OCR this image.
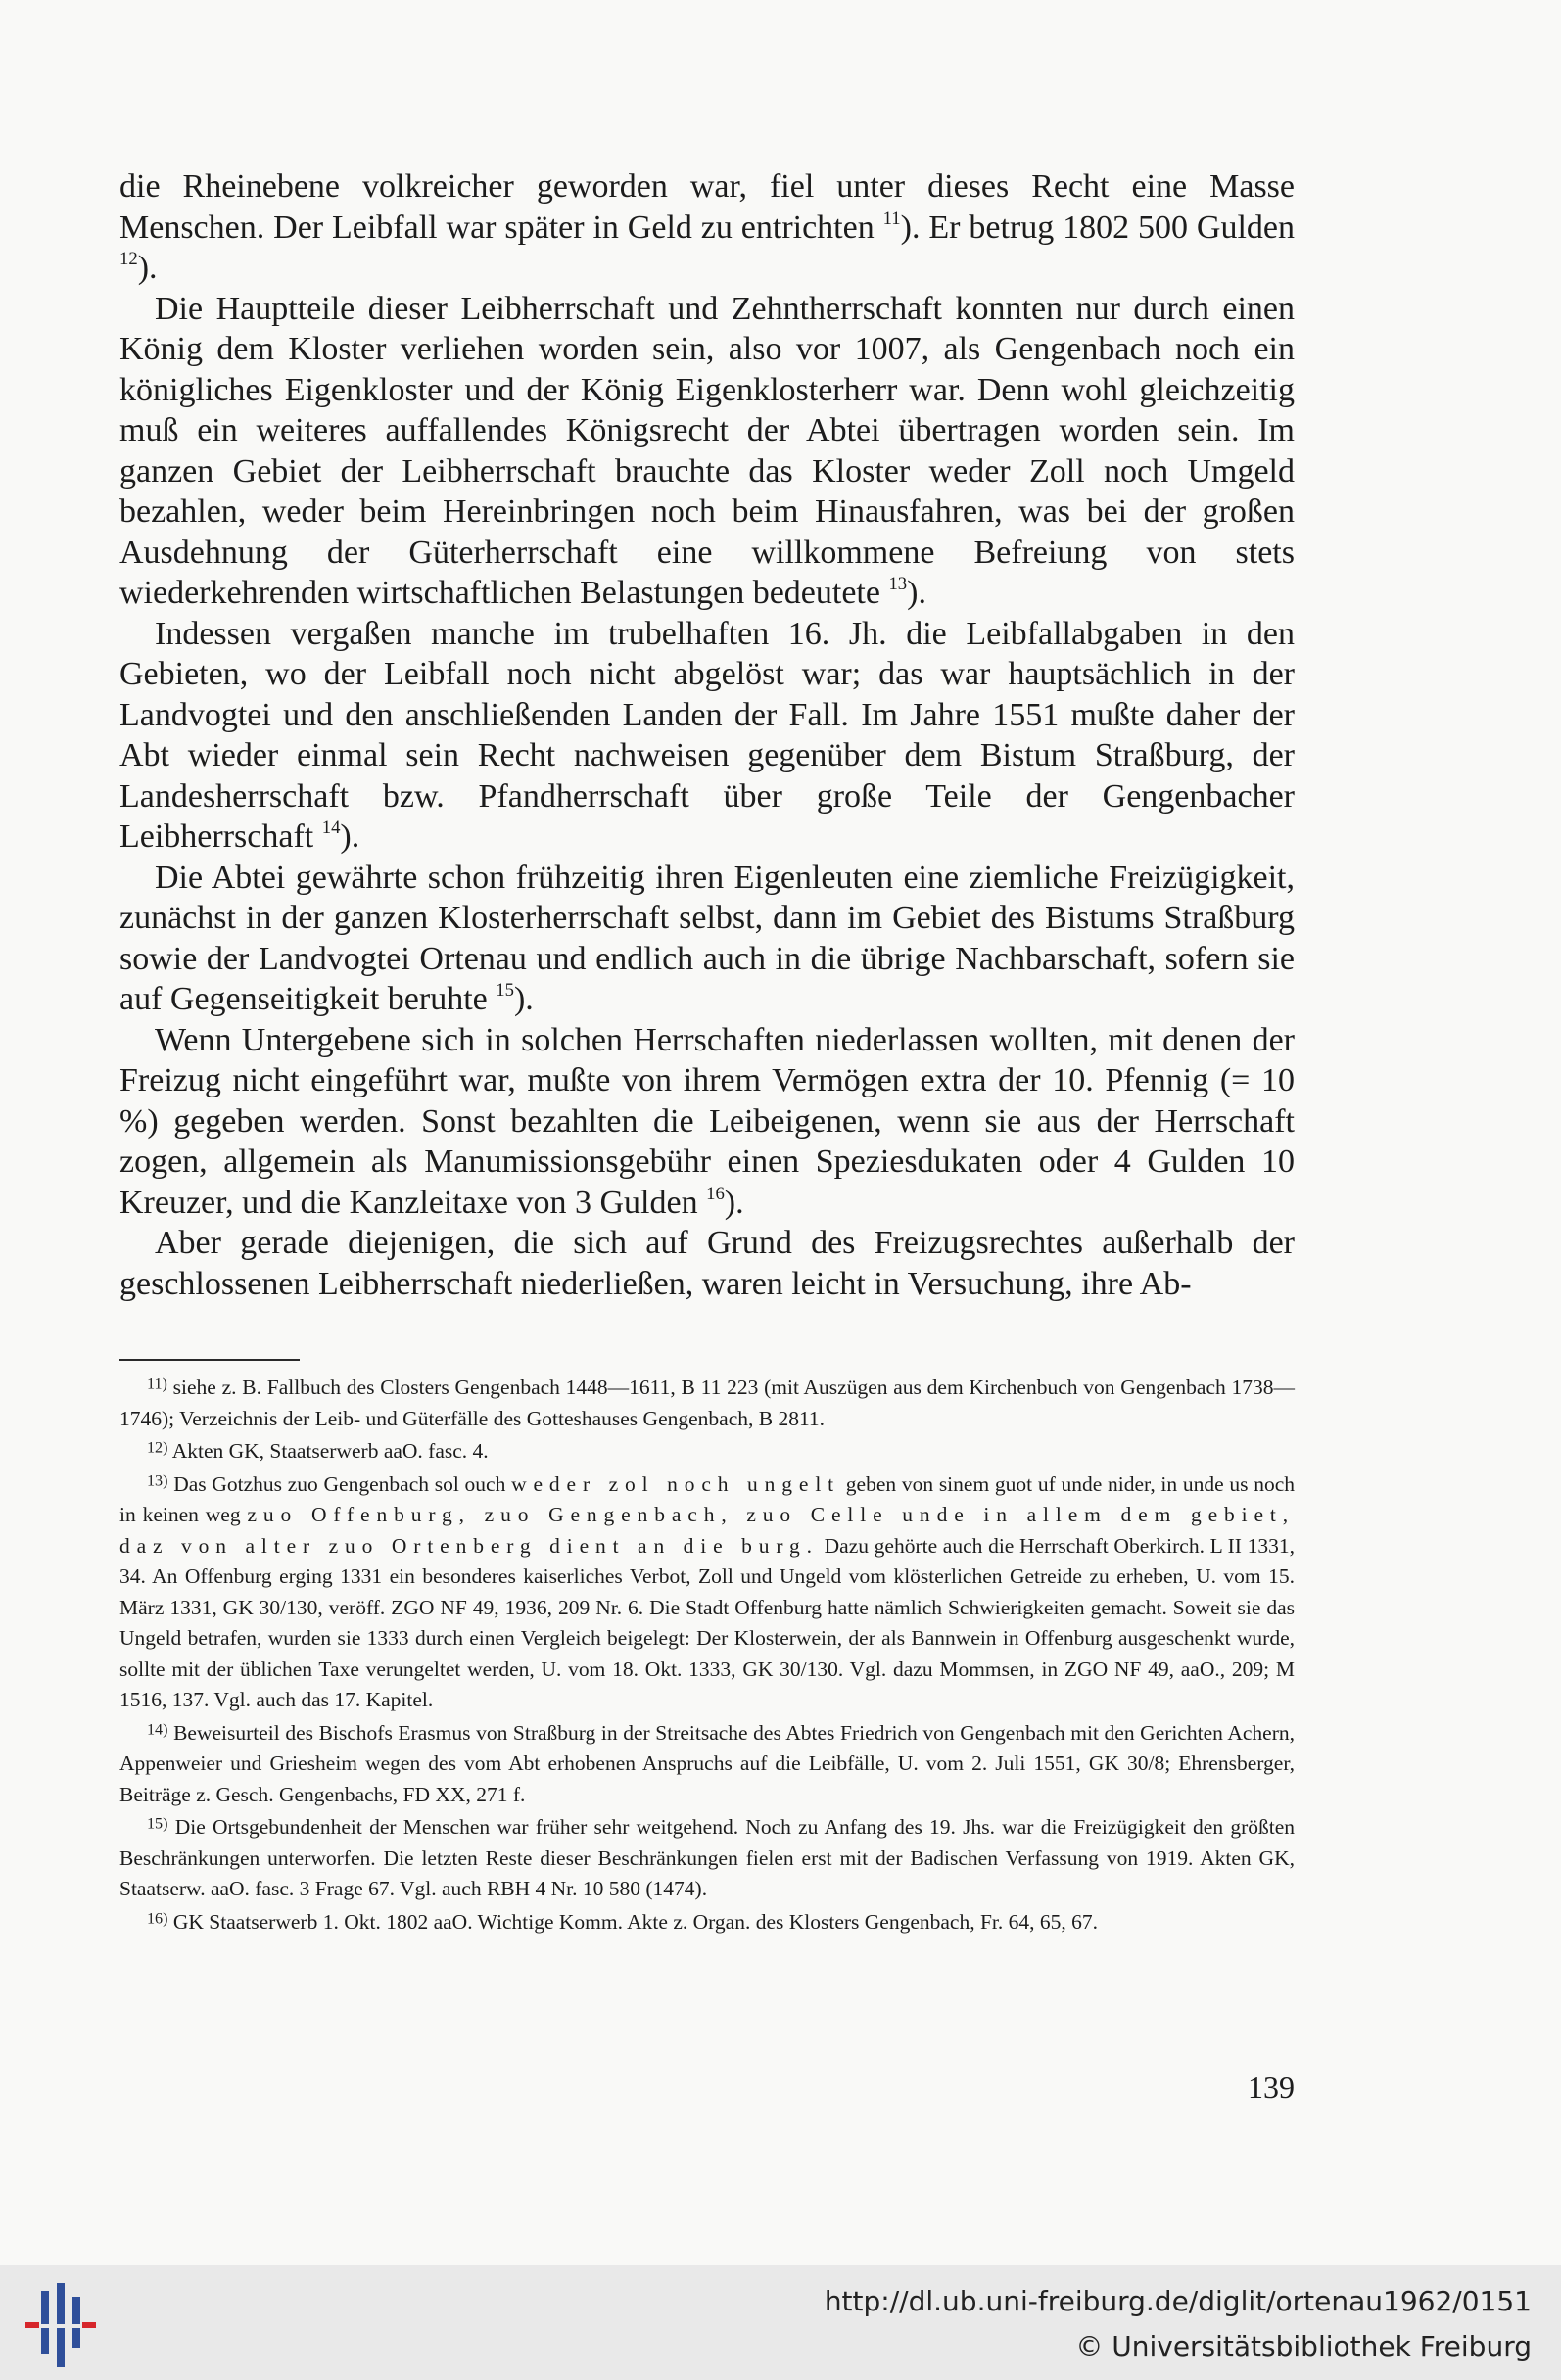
die Rheinebene volkreicher geworden war, fiel unter dieses Recht eine Masse Menschen. Der Leibfall war später in Geld zu entrichten $^{11}$). Er betrug 1802 500 Gulden $^{12}$).

Die Hauptteile dieser Leibherrschaft und Zehntherrschaft konnten nur durch einen König dem Kloster verliehen worden sein, also vor 1007, als Gengenbach noch ein königliches Eigenkloster und der König Eigenklosterherr war. Denn wohl gleichzeitig muß ein weiteres auffallendes Königsrecht der Abtei übertragen worden sein. Im ganzen Gebiet der Leibherrschaft brauchte das Kloster weder Zoll noch Umgeld bezahlen, weder beim Hereinbringen noch beim Hinausfahren, was bei der großen Ausdehnung der Güterherrschaft eine willkommene Befreiung von stets wiederkehrenden wirtschaftlichen Belastungen bedeutete $^{13}$).

Indessen vergaßen manche im trubelhaften 16. Jh. die Leibfallabgaben in den Gebieten, wo der Leibfall noch nicht abgelöst war; das war hauptsächlich in der Landvogtei und den anschließenden Landen der Fall. Im Jahre 1551 mußte daher der Abt wieder einmal sein Recht nachweisen gegenüber dem Bistum Straßburg, der Landesherrschaft bzw. Pfandherrschaft über große Teile der Gengenbacher Leibherrschaft $^{14}$).

Die Abtei gewährte schon frühzeitig ihren Eigenleuten eine ziemliche Freizügigkeit, zunächst in der ganzen Klosterherrschaft selbst, dann im Gebiet des Bistums Straßburg sowie der Landvogtei Ortenau und endlich auch in die übrige Nachbarschaft, sofern sie auf Gegenseitigkeit beruhte $^{15}$).

Wenn Untergebene sich in solchen Herrschaften niederlassen wollten, mit denen der Freizug nicht eingeführt war, mußte von ihrem Vermögen extra der 10. Pfennig (= 10 %) gegeben werden. Sonst bezahlten die Leibeigenen, wenn sie aus der Herrschaft zogen, allgemein als Manumissionsgebühr einen Speziesdukaten oder 4 Gulden 10 Kreuzer, und die Kanzleitaxe von 3 Gulden $^{16}$).

Aber gerade diejenigen, die sich auf Grund des Freizugsrechtes außerhalb der geschlossenen Leibherrschaft niederließen, waren leicht in Versuchung, ihre Ab-

$^{11)}$ siehe z. B. Fallbuch des Closters Gengenbach 1448—1611, B 11 223 (mit Auszügen aus dem Kirchenbuch von Gengenbach 1738—1746); Verzeichnis der Leib- und Güterfälle des Gotteshauses Gengenbach, B 2811.

$^{12)}$ Akten GK, Staatserwerb aaO. fasc. 4.

$^{13)}$ Das Gotzhus zuo Gengenbach sol ouch weder zol noch ungelt geben von sinem guot uf unde nider, in unde us noch in keinen weg zuo Offenburg, zuo Gengenbach, zuo Celle unde in allem dem gebiet, daz von alter zuo Ortenberg dient an die burg. Dazu gehörte auch die Herrschaft Oberkirch. L II 1331, 34. An Offenburg erging 1331 ein besonderes kaiserliches Verbot, Zoll und Ungeld vom klösterlichen Getreide zu erheben, U. vom 15. März 1331, GK 30/130, veröff. ZGO NF 49, 1936, 209 Nr. 6. Die Stadt Offenburg hatte nämlich Schwierigkeiten gemacht. Soweit sie das Ungeld betrafen, wurden sie 1333 durch einen Vergleich beigelegt: Der Klosterwein, der als Bannwein in Offenburg ausgeschenkt wurde, sollte mit der üblichen Taxe verungeltet werden, U. vom 18. Okt. 1333, GK 30/130. Vgl. dazu Mommsen, in ZGO NF 49, aaO., 209; M 1516, 137. Vgl. auch das 17. Kapitel.

$^{14)}$ Beweisurteil des Bischofs Erasmus von Straßburg in der Streitsache des Abtes Friedrich von Gengenbach mit den Gerichten Achern, Appenweier und Griesheim wegen des vom Abt erhobenen Anspruchs auf die Leibfälle, U. vom 2. Juli 1551, GK 30/8; Ehrensberger, Beiträge z. Gesch. Gengenbachs, FD XX, 271 f.

$^{15)}$ Die Ortsgebundenheit der Menschen war früher sehr weitgehend. Noch zu Anfang des 19. Jhs. war die Freizügigkeit den größten Beschränkungen unterworfen. Die letzten Reste dieser Beschränkungen fielen erst mit der Badischen Verfassung von 1919. Akten GK, Staatserw. aaO. fasc. 3 Frage 67. Vgl. auch RBH 4 Nr. 10 580 (1474).

$^{16)}$ GK Staatserwerb 1. Okt. 1802 aaO. Wichtige Komm. Akte z. Organ. des Klosters Gengenbach, Fr. 64, 65, 67.

139
http://dl.ub.uni-freiburg.de/diglit/ortenau1962/0151
© Universitätsbibliothek Freiburg
